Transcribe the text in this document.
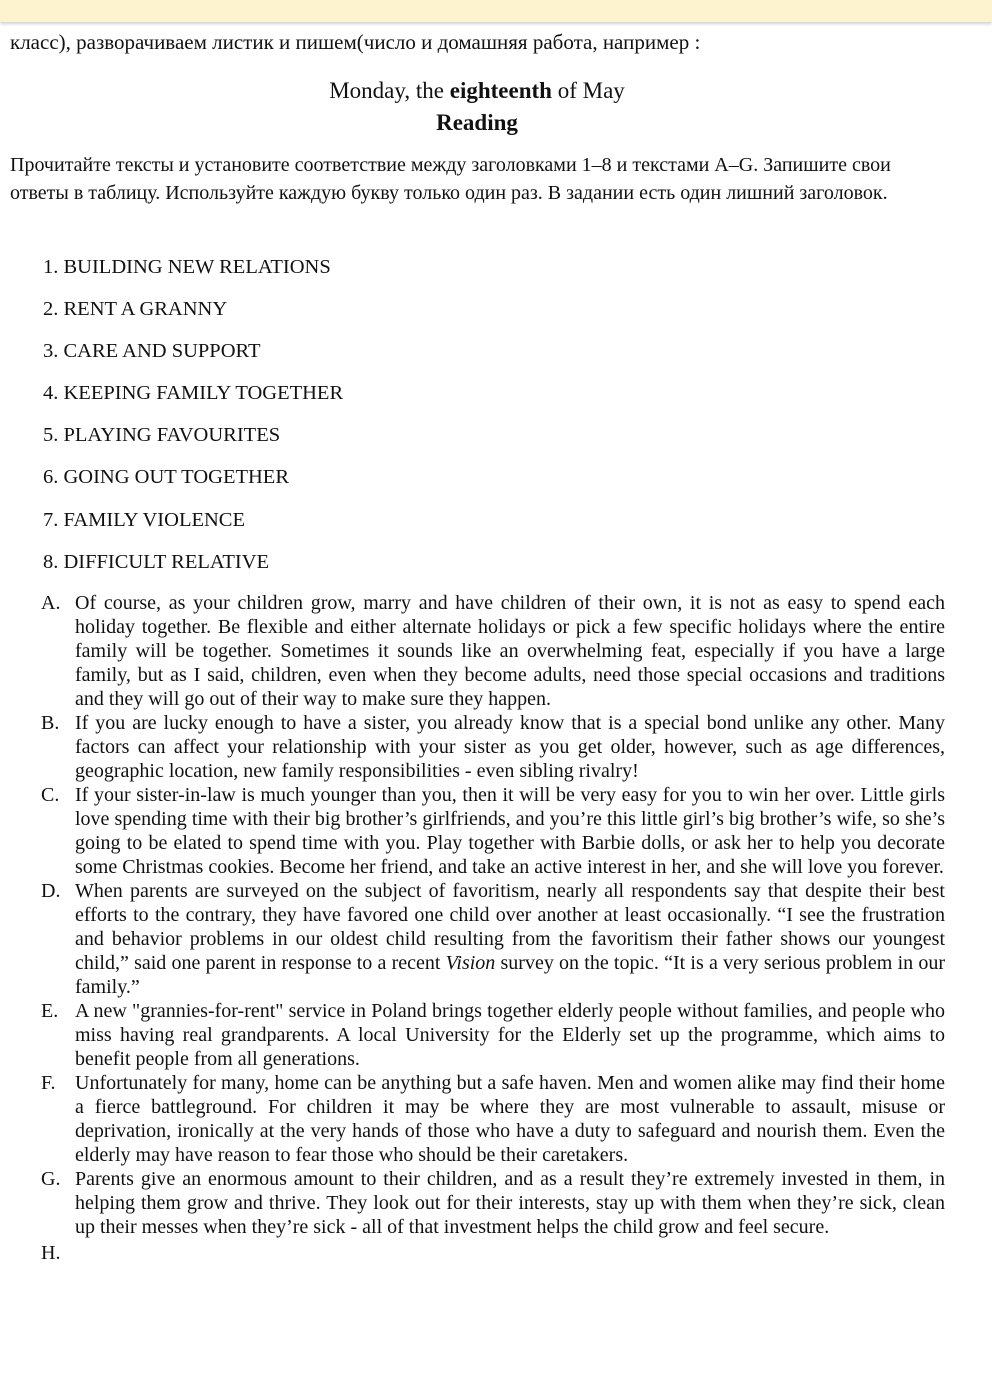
класс), разворачиваем листик и пишем(число и домашняя работа, например :
Monday, the eighteenth of May
Reading
Прочитайте тексты и установите соответствие между заголовками 1–8 и текстами A–G. Запишите свои ответы в таблицу. Используйте каждую букву только один раз. В задании есть один лишний заголовок.
1. BUILDING NEW RELATIONS
2. RENT A GRANNY
3. CARE AND SUPPORT
4. KEEPING FAMILY TOGETHER
5. PLAYING FAVOURITES
6. GOING OUT TOGETHER
7. FAMILY VIOLENCE
8. DIFFICULT RELATIVE
A. Of course, as your children grow, marry and have children of their own, it is not as easy to spend each holiday together. Be flexible and either alternate holidays or pick a few specific holidays where the entire family will be together. Sometimes it sounds like an overwhelming feat, especially if you have a large family, but as I said, children, even when they become adults, need those special occasions and traditions and they will go out of their way to make sure they happen.
B. If you are lucky enough to have a sister, you already know that is a special bond unlike any other. Many factors can affect your relationship with your sister as you get older, however, such as age differences, geographic location, new family responsibilities - even sibling rivalry!
C. If your sister-in-law is much younger than you, then it will be very easy for you to win her over. Little girls love spending time with their big brother’s girlfriends, and you’re this little girl’s big brother’s wife, so she’s going to be elated to spend time with you. Play together with Barbie dolls, or ask her to help you decorate some Christmas cookies. Become her friend, and take an active interest in her, and she will love you forever.
D. When parents are surveyed on the subject of favoritism, nearly all respondents say that despite their best efforts to the contrary, they have favored one child over another at least occasionally. “I see the frustration and behavior problems in our oldest child resulting from the favoritism their father shows our youngest child,” said one parent in response to a recent Vision survey on the topic. “It is a very serious problem in our family.”
E. A new "grannies-for-rent" service in Poland brings together elderly people without families, and people who miss having real grandparents. A local University for the Elderly set up the programme, which aims to benefit people from all generations.
F. Unfortunately for many, home can be anything but a safe haven. Men and women alike may find their home a fierce battleground. For children it may be where they are most vulnerable to assault, misuse or deprivation, ironically at the very hands of those who have a duty to safeguard and nourish them. Even the elderly may have reason to fear those who should be their caretakers.
G. Parents give an enormous amount to their children, and as a result they’re extremely invested in them, in helping them grow and thrive. They look out for their interests, stay up with them when they’re sick, clean up their messes when they’re sick - all of that investment helps the child grow and feel secure.
H.
